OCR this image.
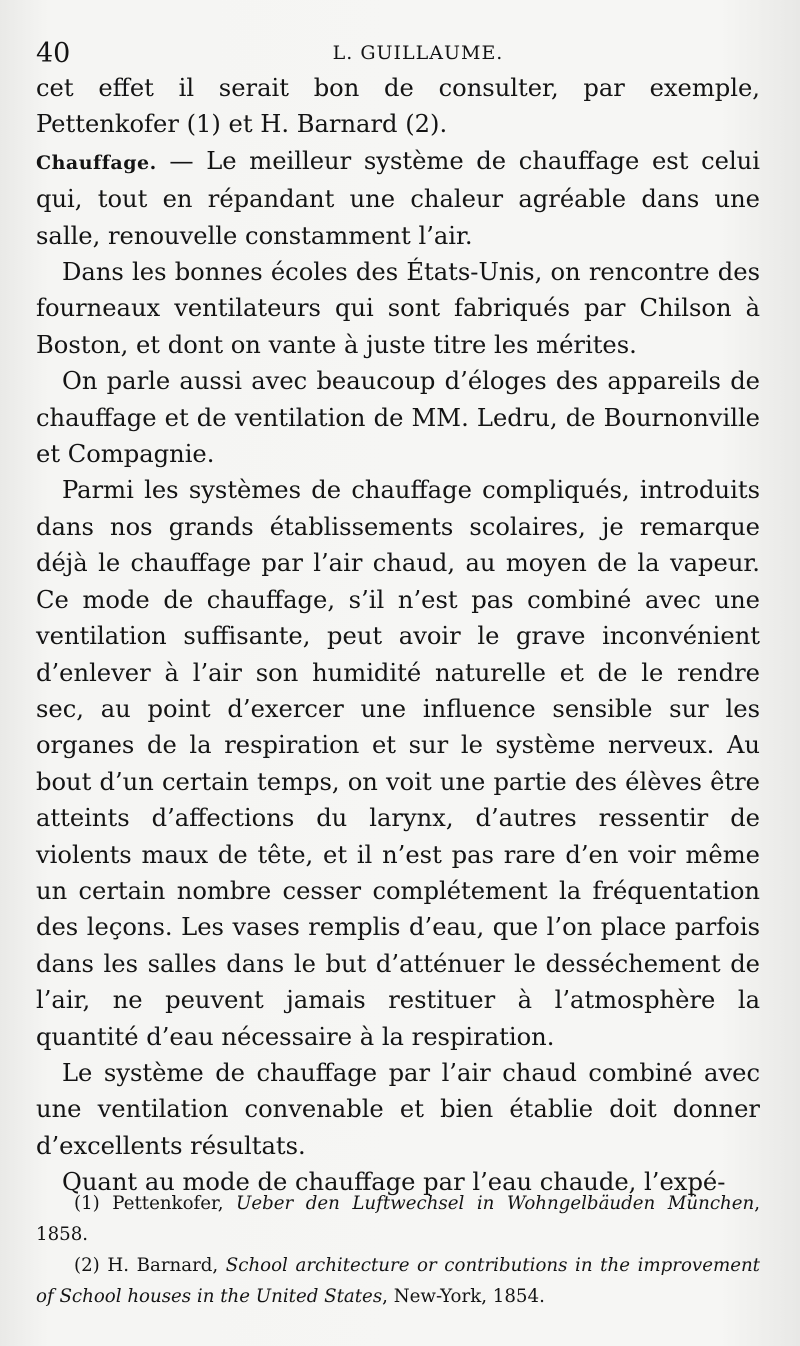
40	L. GUILLAUME.

cet effet il serait bon de consulter, par exemple, Pettenkofer (1) et H. Barnard (2).

Chauffage. — Le meilleur système de chauffage est celui qui, tout en répandant une chaleur agréable dans une salle, renouvelle constamment l’air.

Dans les bonnes écoles des États-Unis, on rencontre des fourneaux ventilateurs qui sont fabriqués par Chilson à Boston, et dont on vante à juste titre les mérites.

On parle aussi avec beaucoup d’éloges des appareils de chauffage et de ventilation de MM. Ledru, de Bournonville et Compagnie.

Parmi les systèmes de chauffage compliqués, introduits dans nos grands établissements scolaires, je remarque déjà le chauffage par l’air chaud, au moyen de la vapeur. Ce mode de chauffage, s’il n’est pas combiné avec une ventilation suffisante, peut avoir le grave inconvénient d’enlever à l’air son humidité naturelle et de le rendre sec, au point d’exercer une influence sensible sur les organes de la respiration et sur le système nerveux. Au bout d’un certain temps, on voit une partie des élèves être atteints d’affections du larynx, d’autres ressentir de violents maux de tête, et il n’est pas rare d’en voir même un certain nombre cesser complétement la fréquentation des leçons. Les vases remplis d’eau, que l’on place parfois dans les salles dans le but d’atténuer le desséchement de l’air, ne peuvent jamais restituer à l’atmosphère la quantité d’eau nécessaire à la respiration.

Le système de chauffage par l’air chaud combiné avec une ventilation convenable et bien établie doit donner d’excellents résultats.

Quant au mode de chauffage par l’eau chaude, l’expé-

(1) Pettenkofer, Ueber den Luftwechsel in Wohngelbäuden München, 1858.

(2) H. Barnard, School architecture or contributions in the improvement of School houses in the United States, New-York, 1854.
